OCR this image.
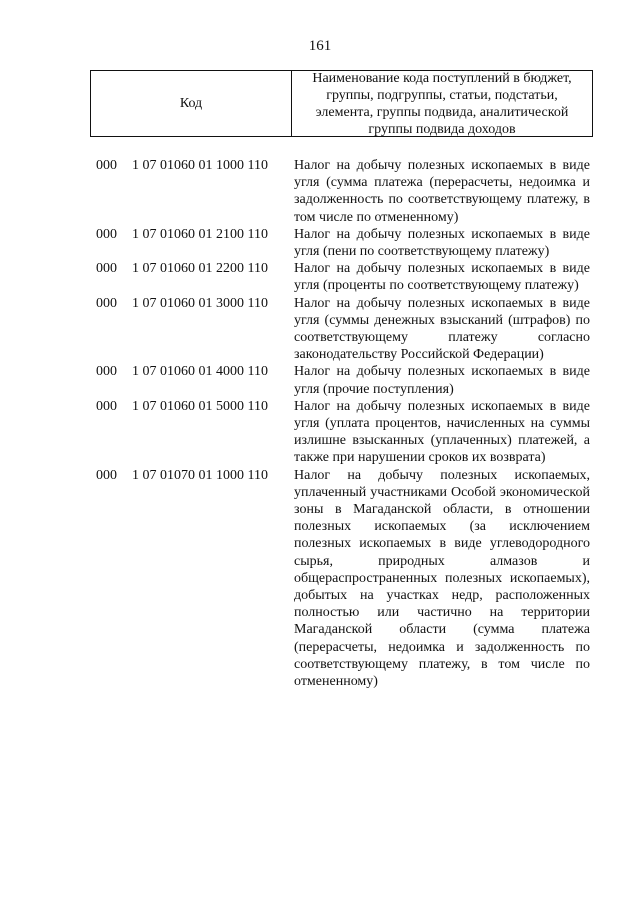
161
Код
Наименование кода поступлений в бюджет, группы, подгруппы, статьи, подстатьи, элемента, группы подвида, аналитической группы подвида доходов
000	1 07 01060 01 1000 110	Налог на добычу полезных ископаемых в виде угля (сумма платежа (перерасчеты, недоимка и задолженность по соответствующему платежу, в том числе по отмененному)
000	1 07 01060 01 2100 110	Налог на добычу полезных ископаемых в виде угля (пени по соответствующему платежу)
000	1 07 01060 01 2200 110	Налог на добычу полезных ископаемых в виде угля (проценты по соответствующему платежу)
000	1 07 01060 01 3000 110	Налог на добычу полезных ископаемых в виде угля (суммы денежных взысканий (штрафов) по соответствующему платежу согласно законодательству Российской Федерации)
000	1 07 01060 01 4000 110	Налог на добычу полезных ископаемых в виде угля (прочие поступления)
000	1 07 01060 01 5000 110	Налог на добычу полезных ископаемых в виде угля (уплата процентов, начисленных на суммы излишне взысканных (уплаченных) платежей, а также при нарушении сроков их возврата)
000	1 07 01070 01 1000 110	Налог на добычу полезных ископаемых, уплаченный участниками Особой экономической зоны в Магаданской области, в отношении полезных ископаемых (за исключением полезных ископаемых в виде углеводородного сырья, природных алмазов и общераспространенных полезных ископаемых), добытых на участках недр, расположенных полностью или частично на территории Магаданской области (сумма платежа (перерасчеты, недоимка и задолженность по соответствующему платежу, в том числе по отмененному)
